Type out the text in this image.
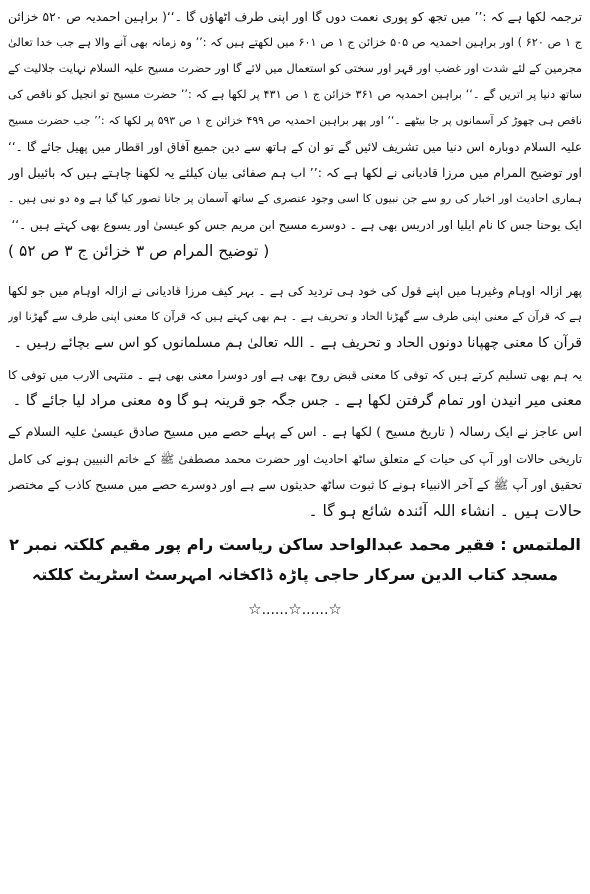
ترجمہ لکھا ہے کہ :’’ میں تجھ کو پوری نعمت دوں گا اور اپنی طرف اٹھاؤں گا ۔‘‘( براہین احمدیہ ص ۵۲۰ خزائن
ج ۱ ص ۶۲۰ ) اور براہین احمدیہ ص ۵۰۵ خزائن ج ۱ ص ۶۰۱ میں لکھتے ہیں کہ :’’ وہ زمانہ بھی آنے والا ہے جب خدا تعالیٰ
مجرمین کے لئے شدت اور غضب اور قہر اور سختی کو استعمال میں لائے گا اور حضرت مسیح علیہ السلام نہایت جلالیت کے
ساتھ دنیا پر اتریں گے ۔‘‘ براہین احمدیہ ص ۳۶۱ خزائن ج ۱ ص ۴۳۱ پر لکھا ہے کہ :’’ حضرت مسیح تو انجیل کو ناقص کی
ناقص ہی چھوڑ کر آسمانوں پر جا بیٹھے ۔‘‘ اور پھر براہین احمدیہ ص ۴۹۹ خزائن ج ۱ ص ۵۹۳ پر لکھا کہ :’’ جب حضرت مسیح
علیہ السلام دوبارہ اس دنیا میں تشریف لائیں گے تو ان کے ہاتھ سے دین جمیع آفاق اور اقطار میں پھیل جائے گا ۔‘‘
اور توضیح المرام میں مرزا قادیانی نے لکھا ہے کہ :’’ اب ہم صفائی بیان کیلئے یہ لکھنا چاہتے ہیں کہ بائیبل اور
ہماری احادیث اور اخبار کی رو سے جن نبیوں کا اسی وجود عنصری کے ساتھ آسمان پر جانا تصور کیا گیا ہے وہ دو نبی ہیں ۔
ایک یوحنا جس کا نام ایلیا اور ادریس بھی ہے ۔ دوسرے مسیح ابن مریم جس کو عیسیٰ اور یسوع بھی کہتے ہیں ۔‘‘
( توضیح المرام ص ۳ خزائن ج ۳ ص ۵۲ )
پھر ازالہ اوہام وغیرہا میں اپنے قول کی خود ہی تردید کی ہے ۔ بہر کیف مرزا قادیانی نے ازالہ اوہام میں جو لکھا
ہے کہ قرآن کے معنی اپنی طرف سے گھڑنا الحاد و تحریف ہے ۔ ہم بھی کہتے ہیں کہ قرآن کا معنی اپنی طرف سے گھڑنا اور
قرآن کا معنی چھپانا دونوں الحاد و تحریف ہے ۔ اللہ تعالیٰ ہم مسلمانوں کو اس سے بچائے رہیں ۔
یہ ہم بھی تسلیم کرتے ہیں کہ توفی کا معنی قبض روح بھی ہے اور دوسرا معنی بھی ہے ۔ منتہی الارب میں توفی کا
معنی میر انیدن اور تمام گرفتن لکھا ہے ۔ جس جگہ جو قرینہ ہو گا وہ معنی مراد لیا جائے گا ۔
اس عاجز نے ایک رسالہ ( تاریخ مسیح ) لکھا ہے ۔ اس کے پہلے حصے میں مسیح صادق عیسیٰ علیہ السلام کے
تاریخی حالات اور آپ کی حیات کے متعلق ساٹھ احادیث اور حضرت محمد مصطفیٰ ﷺ کے خاتم النبیین ہونے کی کامل
تحقیق اور آپ ﷺ کے آخر الانبیاء ہونے کا ثبوت ساٹھ حدیثوں سے ہے اور دوسرے حصے میں مسیح کاذب کے مختصر
حالات ہیں ۔ انشاء اللہ آئندہ شائع ہو گا ۔
الملتمس : فقیر محمد عبدالواحد ساکن ریاست رام پور مقیم کلکتہ نمبر ۲
مسجد کتاب الدین سرکار حاجی پاڑہ ڈاکخانہ امہرسٹ اسٹریٹ کلکتہ
☆......☆......☆
